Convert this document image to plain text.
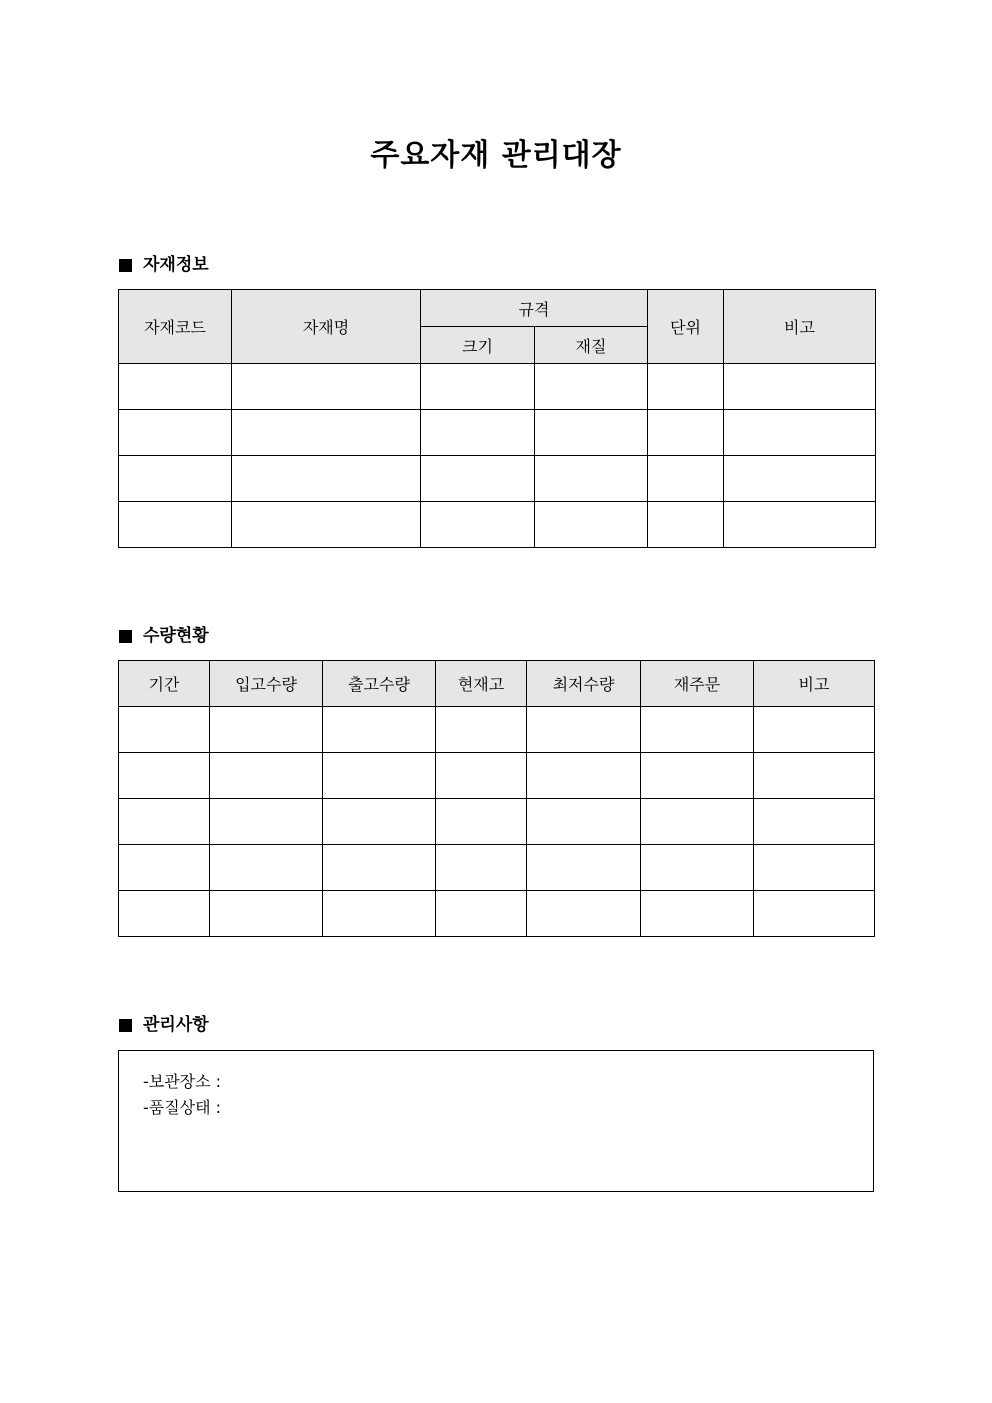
주요자재 관리대장
자재정보
자재코드	자재명	규격		단위	비고
		크기	재질		

수량현황
기간	입고수량	출고수량	현재고	최저수량	재주문	비고

관리사항
-보관장소 :
-품질상태 :
